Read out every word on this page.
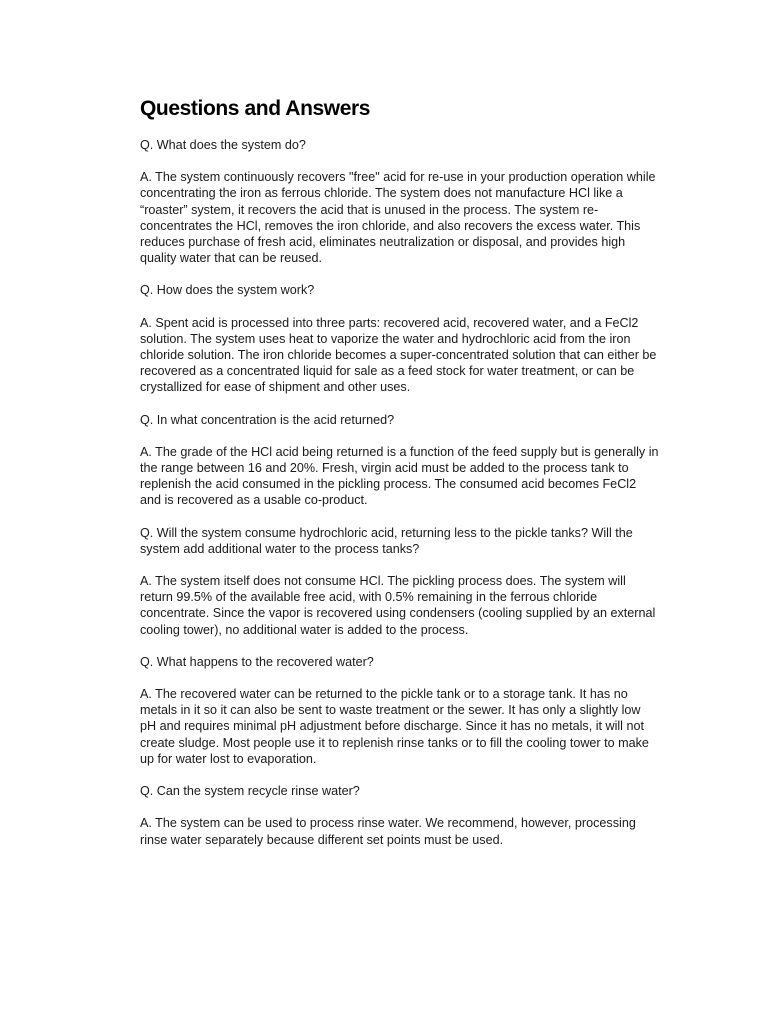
Questions and Answers

Q. What does the system do?

A. The system continuously recovers "free" acid for re-use in your production operation while concentrating the iron as ferrous chloride. The system does not manufacture HCl like a “roaster” system, it recovers the acid that is unused in the process. The system re-concentrates the HCl, removes the iron chloride, and also recovers the excess water. This reduces purchase of fresh acid, eliminates neutralization or disposal, and provides high quality water that can be reused.

Q. How does the system work?

A. Spent acid is processed into three parts: recovered acid, recovered water, and a FeCl2 solution. The system uses heat to vaporize the water and hydrochloric acid from the iron chloride solution. The iron chloride becomes a super-concentrated solution that can either be recovered as a concentrated liquid for sale as a feed stock for water treatment, or can be crystallized for ease of shipment and other uses.

Q. In what concentration is the acid returned?

A. The grade of the HCl acid being returned is a function of the feed supply but is generally in the range between 16 and 20%. Fresh, virgin acid must be added to the process tank to replenish the acid consumed in the pickling process. The consumed acid becomes FeCl2 and is recovered as a usable co-product.

Q. Will the system consume hydrochloric acid, returning less to the pickle tanks? Will the system add additional water to the process tanks?

A. The system itself does not consume HCl. The pickling process does. The system will return 99.5% of the available free acid, with 0.5% remaining in the ferrous chloride concentrate. Since the vapor is recovered using condensers (cooling supplied by an external cooling tower), no additional water is added to the process.

Q. What happens to the recovered water?

A. The recovered water can be returned to the pickle tank or to a storage tank. It has no metals in it so it can also be sent to waste treatment or the sewer. It has only a slightly low pH and requires minimal pH adjustment before discharge. Since it has no metals, it will not create sludge. Most people use it to replenish rinse tanks or to fill the cooling tower to make up for water lost to evaporation.

Q. Can the system recycle rinse water?

A. The system can be used to process rinse water. We recommend, however, processing rinse water separately because different set points must be used.
